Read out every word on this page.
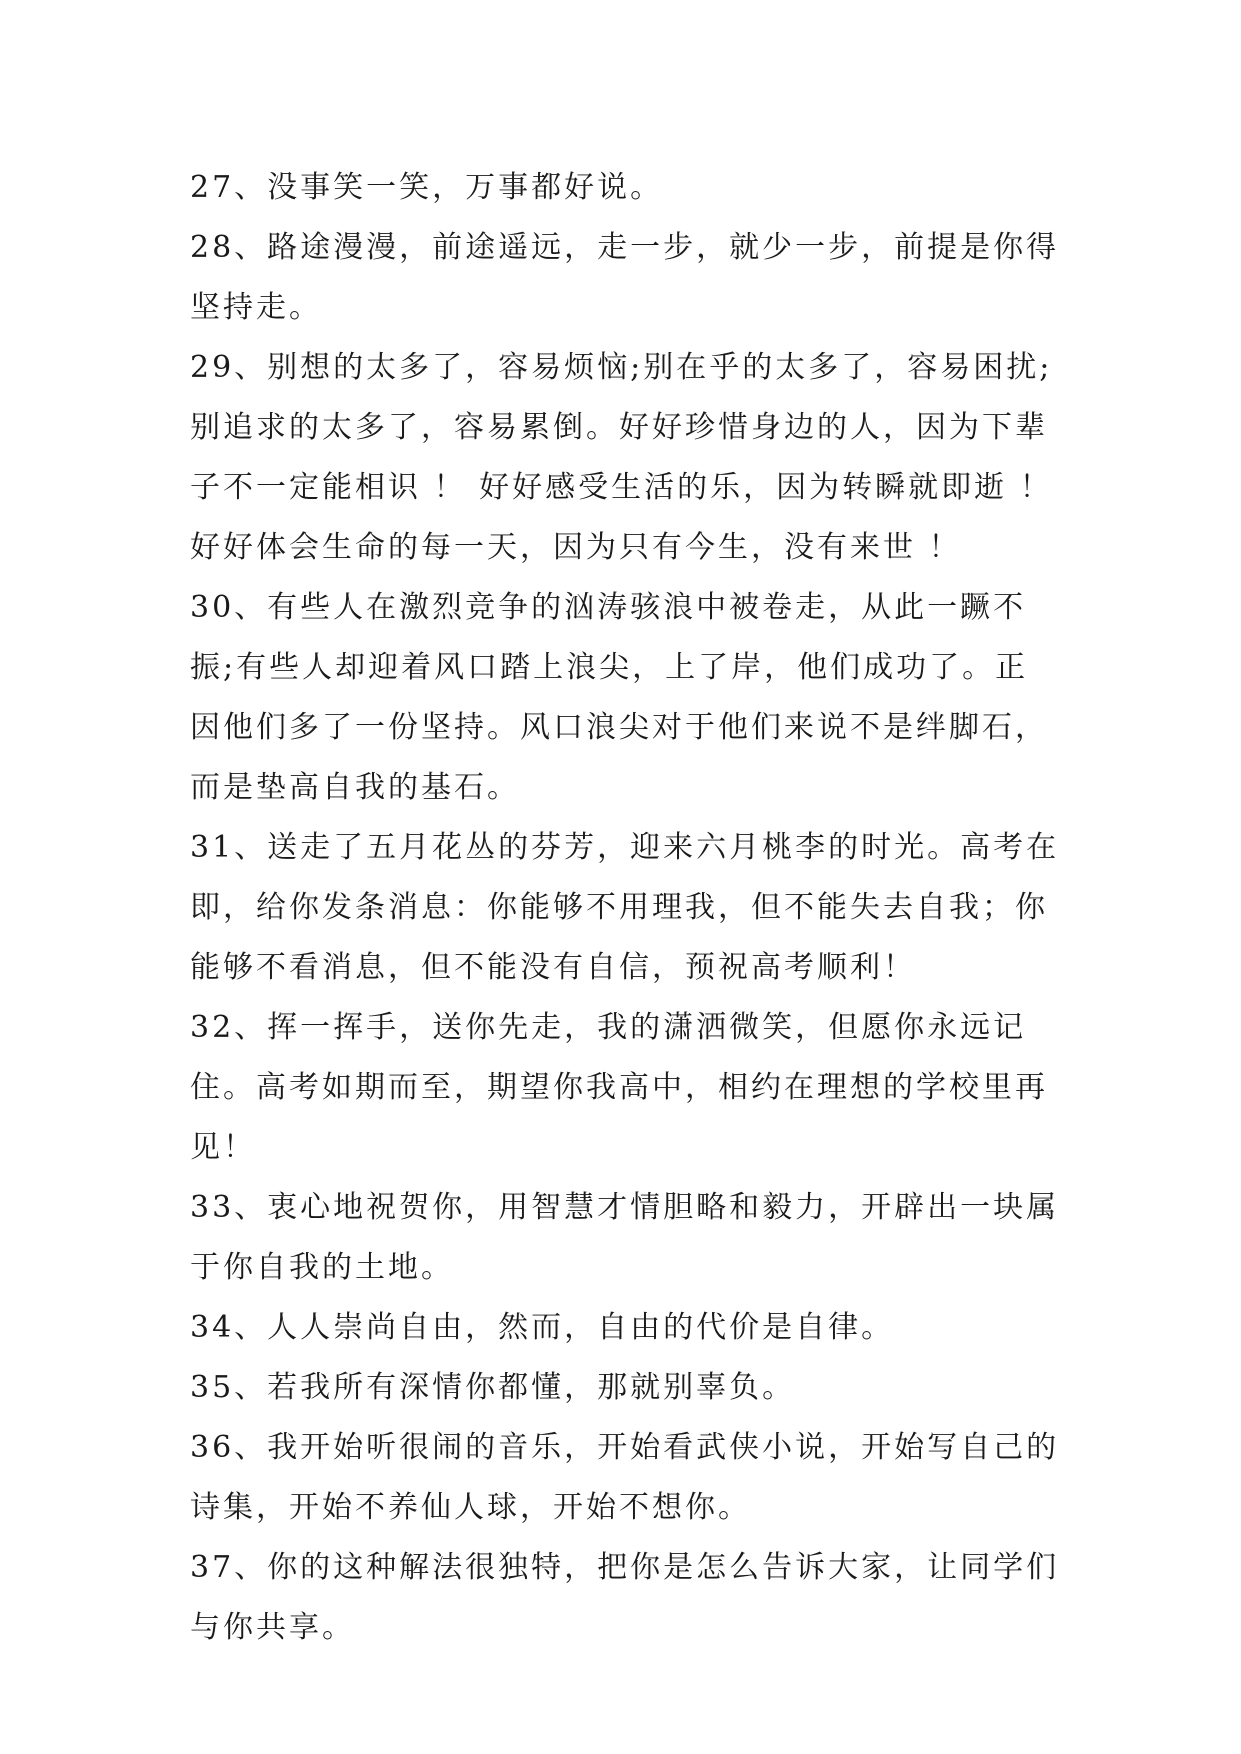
27、没事笑一笑，万事都好说。

28、路途漫漫，前途遥远，走一步，就少一步，前提是你得坚持走。

29、别想的太多了，容易烦恼;别在乎的太多了，容易困扰;别追求的太多了，容易累倒。好好珍惜身边的人，因为下辈子不一定能相识 ！ 好好感受生活的乐，因为转瞬就即逝 ！好好体会生命的每一天，因为只有今生，没有来世 ！

30、有些人在激烈竞争的汹涛骇浪中被卷走，从此一蹶不振;有些人却迎着风口踏上浪尖，上了岸，他们成功了。正因他们多了一份坚持。风口浪尖对于他们来说不是绊脚石，而是垫高自我的基石。

31、送走了五月花丛的芬芳，迎来六月桃李的时光。高考在即，给你发条消息：你能够不用理我，但不能失去自我；你能够不看消息，但不能没有自信，预祝高考顺利！

32、挥一挥手，送你先走，我的潇洒微笑，但愿你永远记住。高考如期而至，期望你我高中，相约在理想的学校里再见！

33、衷心地祝贺你，用智慧才情胆略和毅力，开辟出一块属于你自我的土地。

34、人人崇尚自由，然而，自由的代价是自律。

35、若我所有深情你都懂，那就别辜负。

36、我开始听很闹的音乐，开始看武侠小说，开始写自己的诗集，开始不养仙人球，开始不想你。

37、你的这种解法很独特，把你是怎么告诉大家，让同学们与你共享。
